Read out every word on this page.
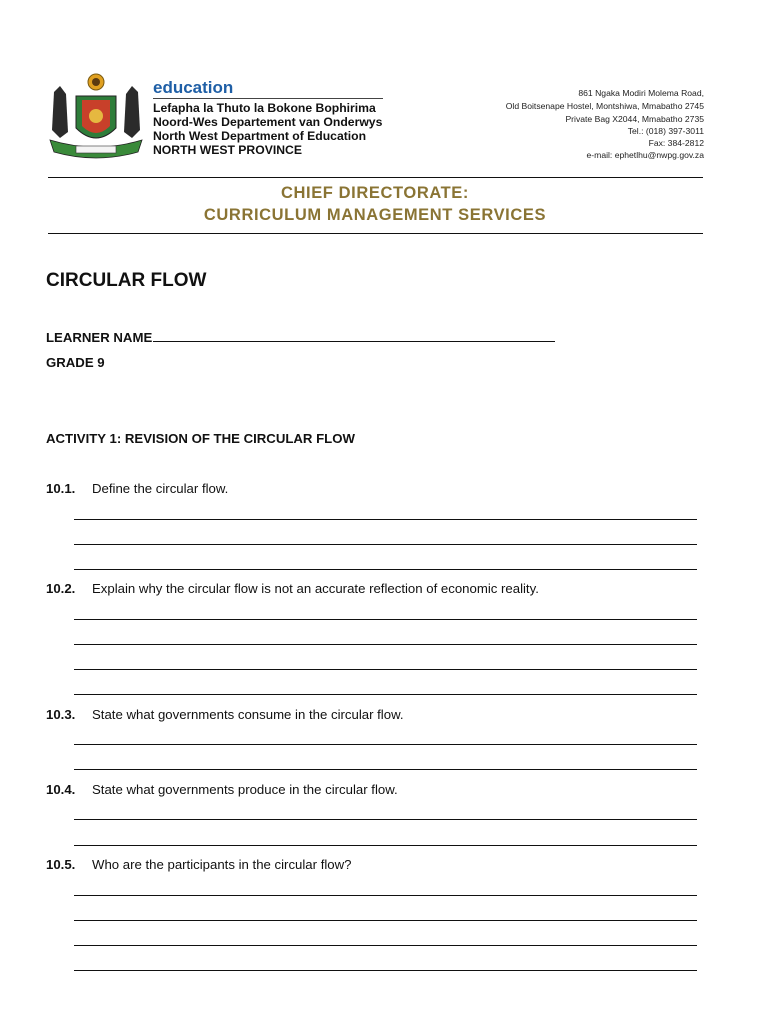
education
Lefapha la Thuto la Bokone Bophirima
Noord-Wes Departement van Onderwys
North West Department of Education
NORTH WEST PROVINCE
861 Ngaka Modiri Molema Road,
Old Boitsenape Hostel, Montshiwa, Mmabatho 2745
Private Bag X2044, Mmabatho 2735
Tel.: (018) 397-3011
Fax: 384-2812
e-mail: ephetlhu@nwpg.gov.za
CHIEF DIRECTORATE:
CURRICULUM MANAGEMENT SERVICES
CIRCULAR FLOW
LEARNER NAME
GRADE 9
ACTIVITY 1: REVISION OF THE CIRCULAR FLOW
10.1. Define the circular flow.
10.2. Explain why the circular flow is not an accurate reflection of economic reality.
10.3. State what governments consume in the circular flow.
10.4. State what governments produce in the circular flow.
10.5. Who are the participants in the circular flow?
